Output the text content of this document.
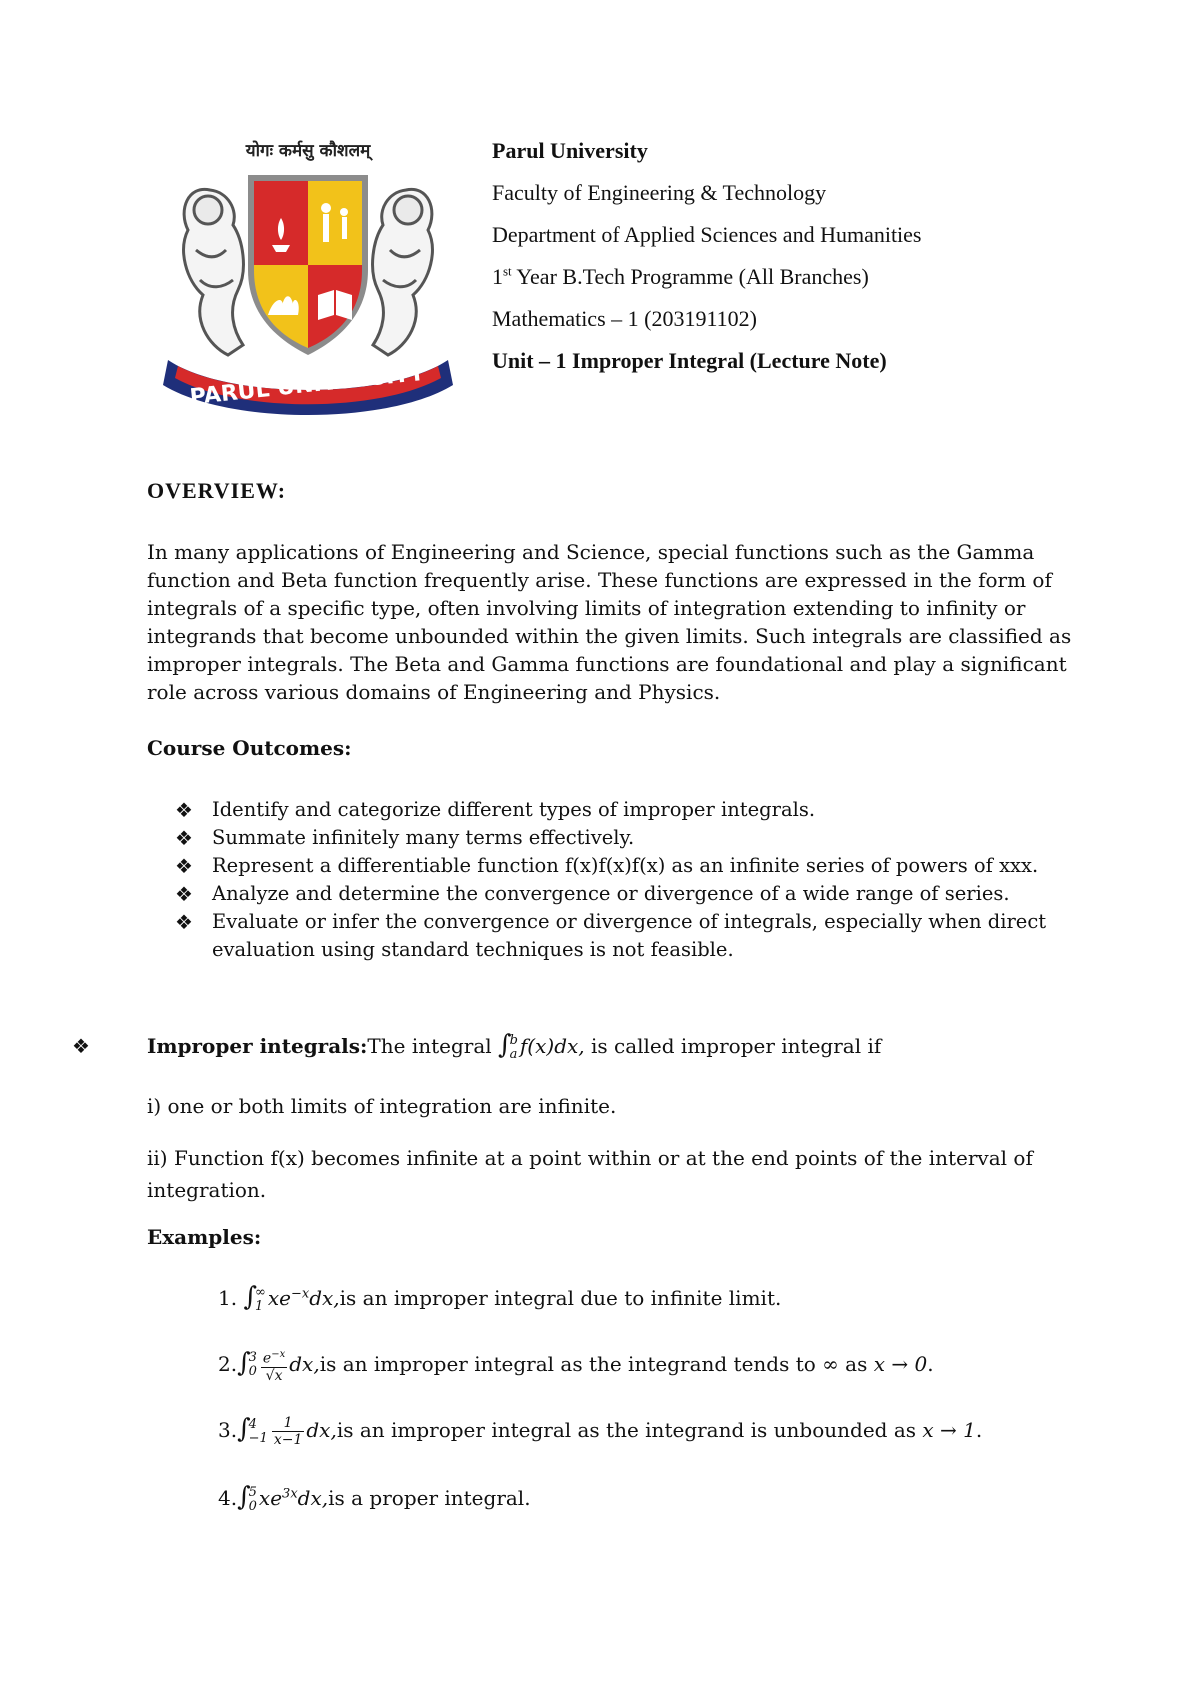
योगः कर्मसु कौशलम्
PARUL UNIVERSITY
Parul University
Faculty of Engineering & Technology
Department of Applied Sciences and Humanities
1st Year B.Tech Programme (All Branches)
Mathematics – 1 (203191102)
Unit – 1 Improper Integral (Lecture Note)
OVERVIEW:
In many applications of Engineering and Science, special functions such as the Gamma function and Beta function frequently arise. These functions are expressed in the form of integrals of a specific type, often involving limits of integration extending to infinity or integrands that become unbounded within the given limits. Such integrals are classified as improper integrals. The Beta and Gamma functions are foundational and play a significant role across various domains of Engineering and Physics.
Course Outcomes:
❖ Identify and categorize different types of improper integrals.
❖ Summate infinitely many terms effectively.
❖ Represent a differentiable function f(x)f(x)f(x) as an infinite series of powers of xxx.
❖ Analyze and determine the convergence or divergence of a wide range of series.
❖ Evaluate or infer the convergence or divergence of integrals, especially when direct evaluation using standard techniques is not feasible.
❖	Improper integrals:The integral ∫
b
a f(x)dx, is called improper integral if
i) one or both limits of integration are infinite.
ii) Function f(x) becomes infinite at a point within or at the end points of the interval of integration.
Examples:
1. ∫
∞
1 $xe^{-x}dx,is$ an improper integral due to infinite limit.
2.∫
3
$0 \frac{e^{-x}}{√x} dx,is$ an improper integral as the integrand tends to ∞ as x → 0.
3.∫
4
$-1 \frac{1}{x-1} dx,is$ an improper integral as the integrand is unbounded as x → 1.
4.∫
5
0 $xe^{3x}dx,is$ a proper integral.
